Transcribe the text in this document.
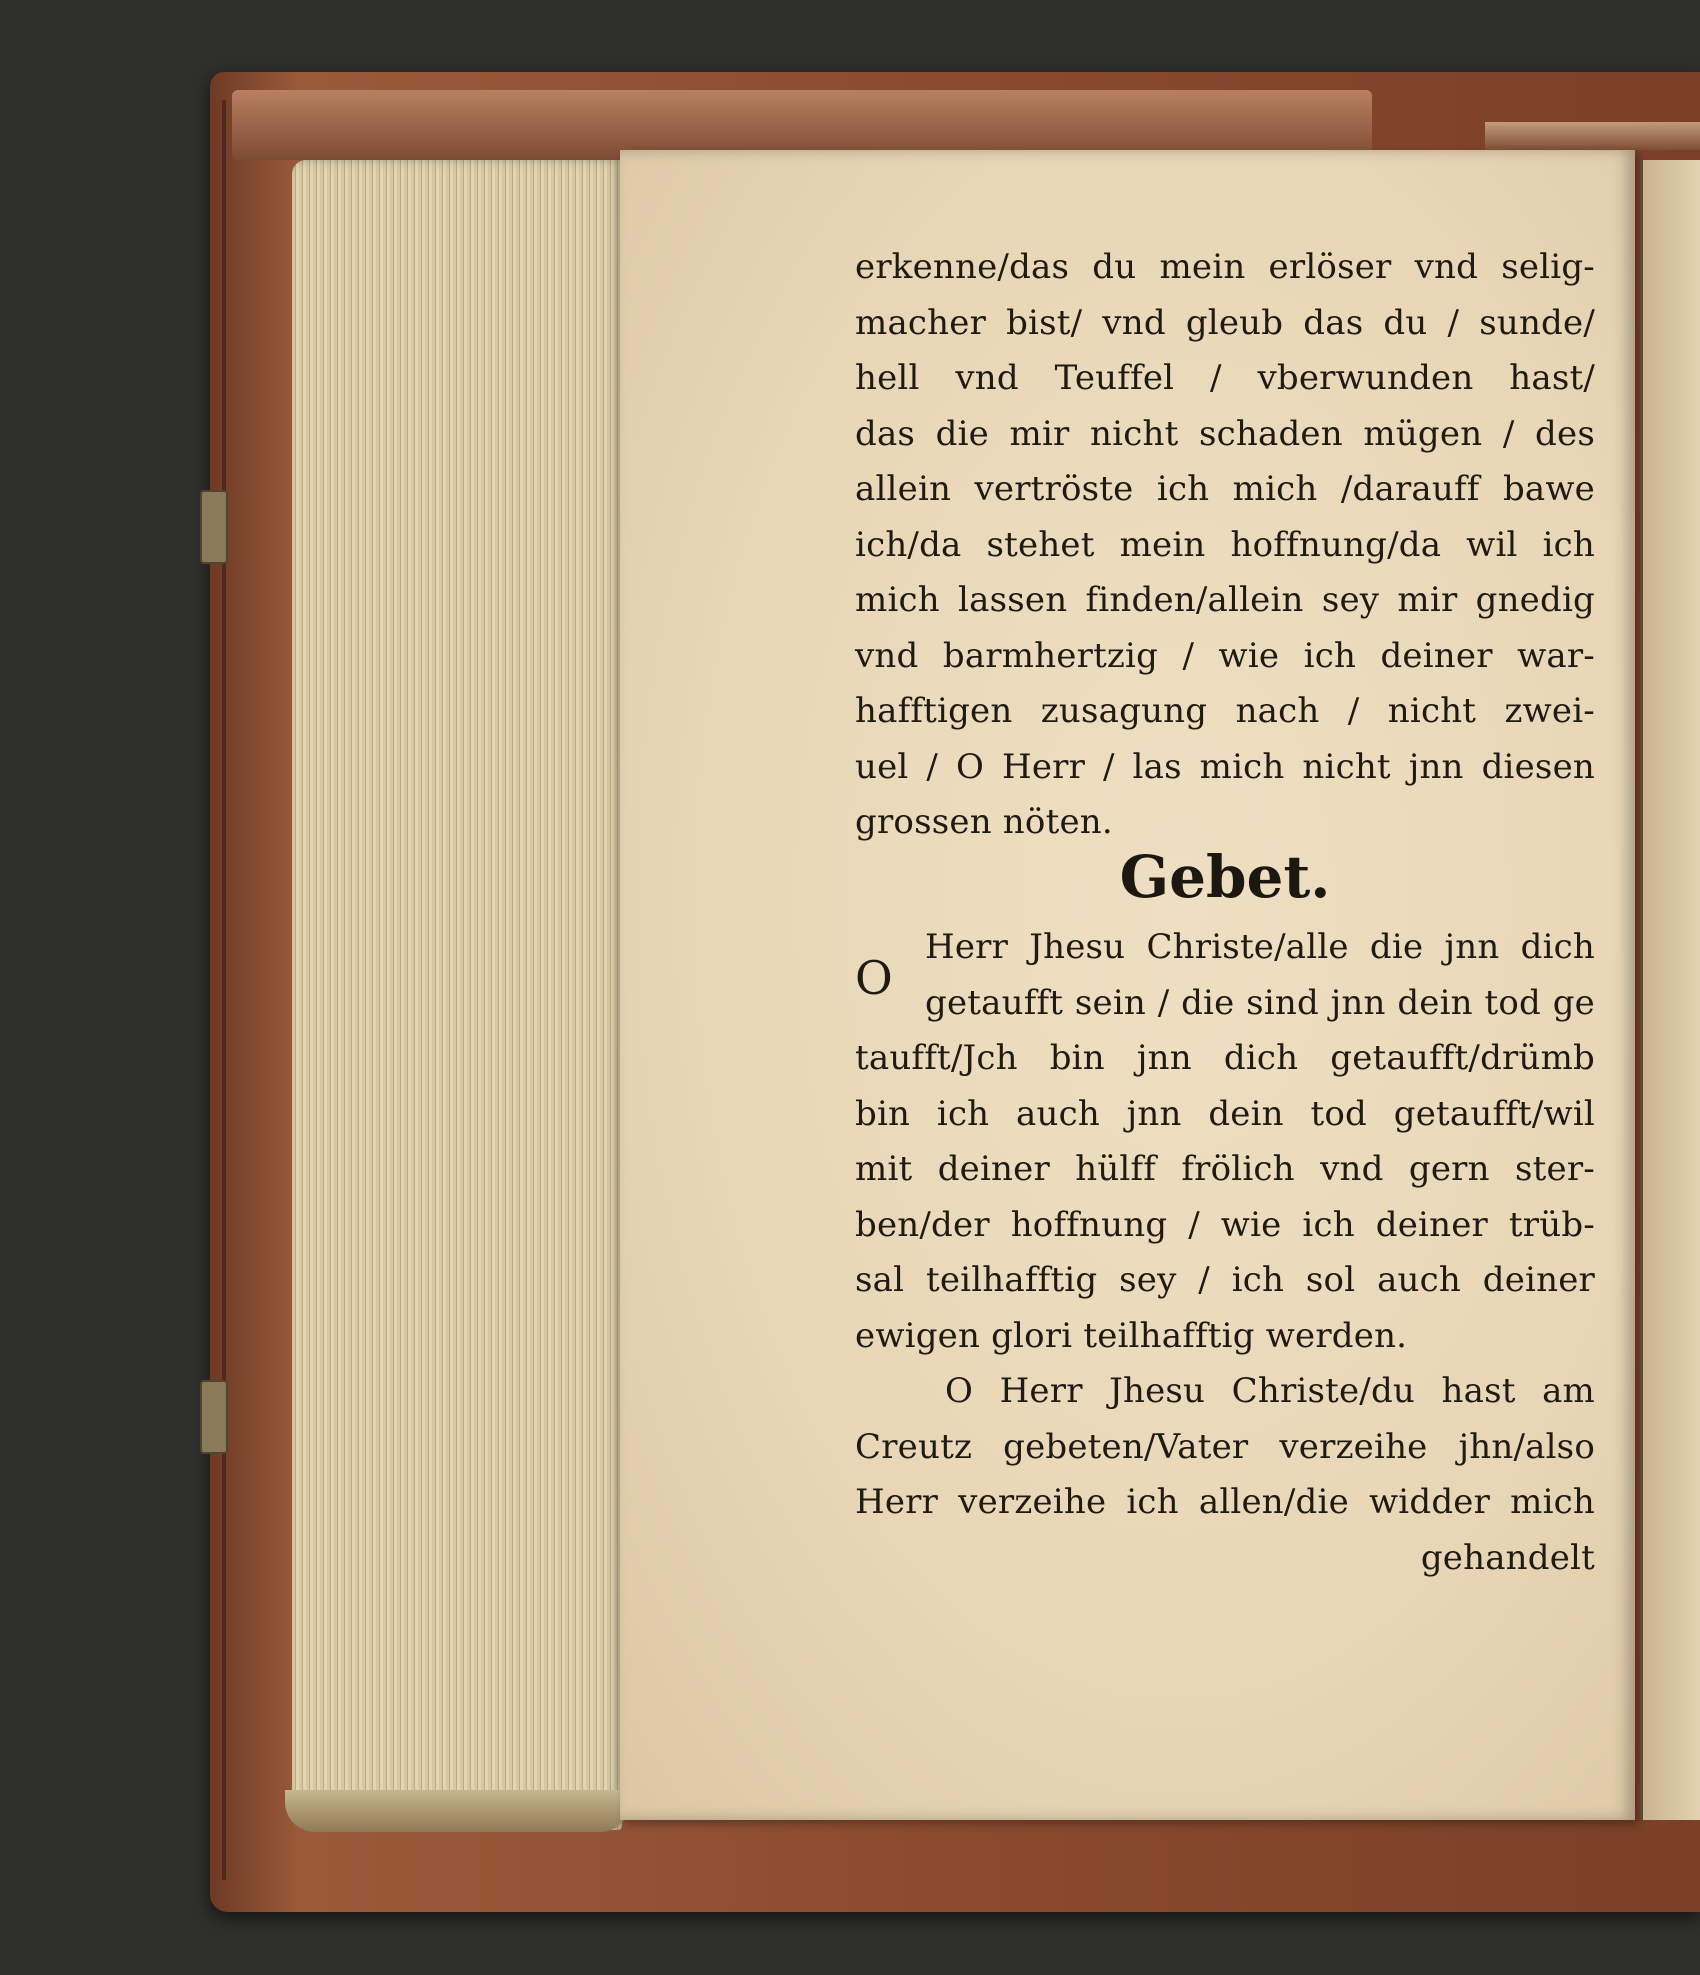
erkenne/das du mein erlöser vnd selig-
macher bist/ vnd gleub das du / sunde/
hell vnd Teuffel / vberwunden hast/
das die mir nicht schaden mügen / des
allein vertröste ich mich /darauff bawe
ich/da stehet mein hoffnung/da wil ich
mich lassen finden/allein sey mir gnedig
vnd barmhertzig / wie ich deiner war-
hafftigen zusagung nach / nicht zwei-
uel / O Herr / las mich nicht jnn diesen
grossen nöten.
Gebet.
O
Herr Jhesu Christe/alle die jnn dich
getaufft sein / die sind jnn dein tod ge
taufft/Jch bin jnn dich getaufft/drümb
bin ich auch jnn dein tod getaufft/wil
mit deiner hülff frölich vnd gern ster-
ben/der hoffnung / wie ich deiner trüb-
sal teilhafftig sey / ich sol auch deiner
ewigen glori teilhafftig werden.
O Herr Jhesu Christe/du hast am
Creutz gebeten/Vater verzeihe jhn/also
Herr verzeihe ich allen/die widder mich
gehandelt
